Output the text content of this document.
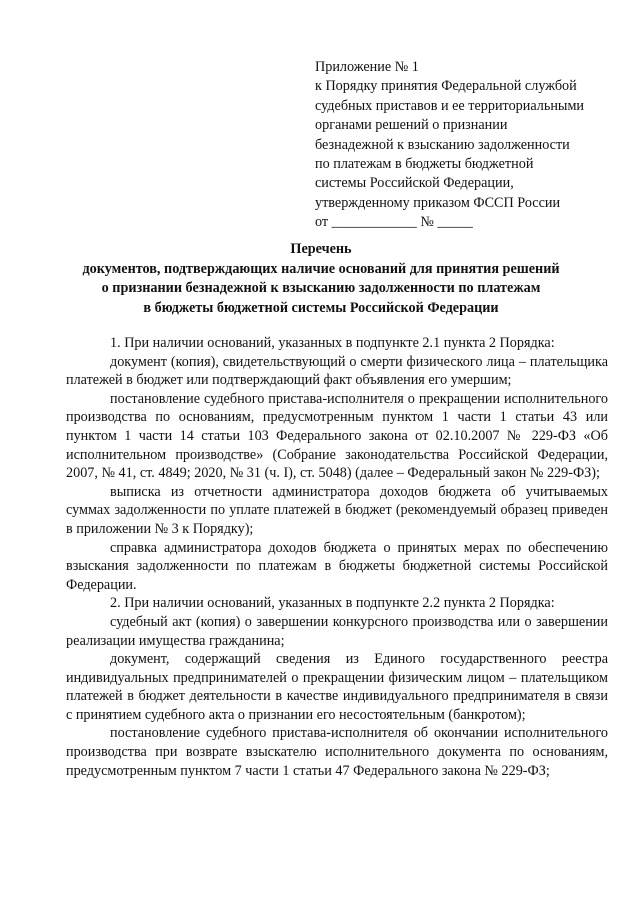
Приложение № 1
к Порядку принятия Федеральной службой
судебных приставов и ее территориальными
органами решений о признании
безнадежной к взысканию задолженности
по платежам в бюджеты бюджетной
системы Российской Федерации,
утвержденному приказом ФССП России
от ____________ № _____
Перечень
документов, подтверждающих наличие оснований для принятия решений
о признании безнадежной к взысканию задолженности по платежам
в бюджеты бюджетной системы Российской Федерации

1. При наличии оснований, указанных в подпункте 2.1 пункта 2 Порядка:

документ (копия), свидетельствующий о смерти физического лица – плательщика платежей в бюджет или подтверждающий факт объявления его умершим;

постановление судебного пристава-исполнителя о прекращении исполнительного производства по основаниям, предусмотренным пунктом 1 части 1 статьи 43 или пунктом 1 части 14 статьи 103 Федерального закона от 02.10.2007 № 229-ФЗ «Об исполнительном производстве» (Собрание законодательства Российской Федерации, 2007, № 41, ст. 4849; 2020, № 31 (ч. I), ст. 5048) (далее – Федеральный закон № 229-ФЗ);

выписка из отчетности администратора доходов бюджета об учитываемых суммах задолженности по уплате платежей в бюджет (рекомендуемый образец приведен в приложении № 3 к Порядку);

справка администратора доходов бюджета о принятых мерах по обеспечению взыскания задолженности по платежам в бюджеты бюджетной системы Российской Федерации.

2. При наличии оснований, указанных в подпункте 2.2 пункта 2 Порядка:

судебный акт (копия) о завершении конкурсного производства или о завершении реализации имущества гражданина;

документ, содержащий сведения из Единого государственного реестра индивидуальных предпринимателей о прекращении физическим лицом – плательщиком платежей в бюджет деятельности в качестве индивидуального предпринимателя в связи с принятием судебного акта о признании его несостоятельным (банкротом);

постановление судебного пристава-исполнителя об окончании исполнительного производства при возврате взыскателю исполнительного документа по основаниям, предусмотренным пунктом 7 части 1 статьи 47 Федерального закона № 229-ФЗ;
